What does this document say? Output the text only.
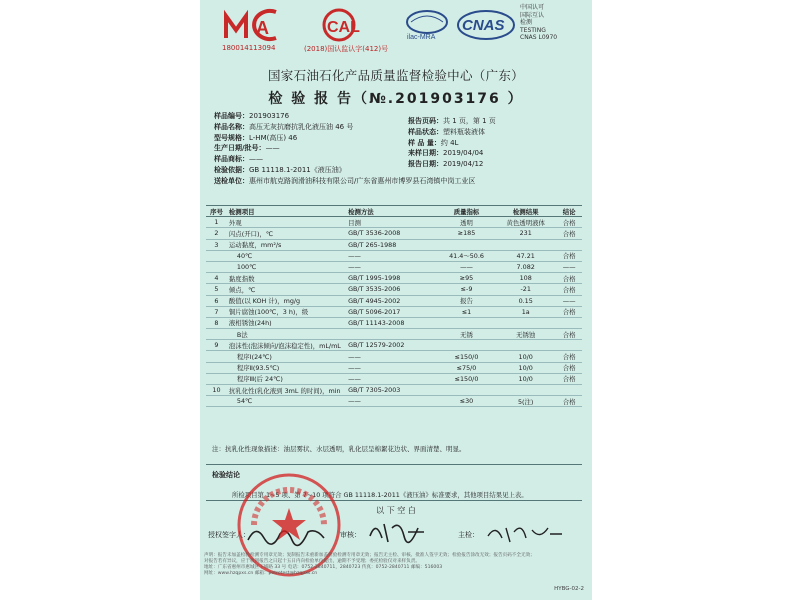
A
180014113094
CAL
(2018)国认监认字(412)号
ilac-MRA
CNAS
中国认可
国际互认
检测
TESTING
CNAS L0970
国家石油石化产品质量监督检验中心（广东）
检 验 报 告（№.201903176 ）
样品编号：201903176
样品名称：高压无灰抗磨抗乳化液压油 46 号
型号规格：L-HM(高压) 46
生产日期/批号：——
样品商标：——
检验依据：GB 11118.1-2011《液压油》
送检单位：惠州市航克路润滑油科技有限公司/广东省惠州市博罗县石湾镇中岗工业区
报告页码：共 1 页，第 1 页
样品状态：塑料瓶装液体
样 品 量：约 4L
来样日期：2019/04/04
报告日期：2019/04/12
序号	检测项目	检测方法	质量指标	检测结果	结论
1	外观	目测	透明	黄色透明液体	合格
2	闪点(开口)，℃	GB/T 3536-2008	≥185	231	合格
3	运动黏度，mm²/s	GB/T 265-1988			
	40℃	——	41.4～50.6	47.21	合格
	100℃	——	——	7.082	——
4	黏度指数	GB/T 1995-1998	≥95	108	合格
5	倾点，℃	GB/T 3535-2006	≤-9	-21	合格
6	酸值(以 KOH 计)，mg/g	GB/T 4945-2002	报告	0.15	——
7	铜片腐蚀(100℃，3 h)，级	GB/T 5096-2017	≤1	1a	合格
8	液相锈蚀(24h)	GB/T 11143-2008			
	B法		无锈	无锈蚀	合格
9	泡沫性(泡沫倾向/泡沫稳定性)，mL/mL	GB/T 12579-2002			
	程序Ⅰ(24℃)	——	≤150/0	10/0	合格
	程序Ⅱ(93.5℃)	——	≤75/0	10/0	合格
	程序Ⅲ(后 24℃)	——	≤150/0	10/0	合格
10	抗乳化性(乳化液到 3mL 的时间)，min	GB/T 7305-2003			
	54℃	——	≤30	5(注)	合格
注：抗乳化性现象描述：油层雾状、水层透明，乳化层呈棉絮花边状、界面清楚、明显。
检验结论
所检项目第 1~5 项、第 7~10 项符合 GB 11118.1-2011《液压油》标准要求，其他项目结果见上表。
以 下 空 白
授权签字人：	审核：	主检：
声明：报告未加盖检验检测专用章无效；复制报告未重新加盖检验检测专用章无效；报告无主检、审核、批准人签字无效；检验报告涂改无效；报告页码不全无效；
对报告若有异议，应于收到报告之日起十五日内向检验单位提出，逾期不予受理；委托检验仅对来样负责。
地址：广东省惠州市惠城区下埔路 33 号 电话：0752-2840711，2840723 传真：0752-2840711 邮编：516003
网址：www.hzqpxs.cn 邮箱：petrotest@hzqpxs.cn
HYBG-02-2
